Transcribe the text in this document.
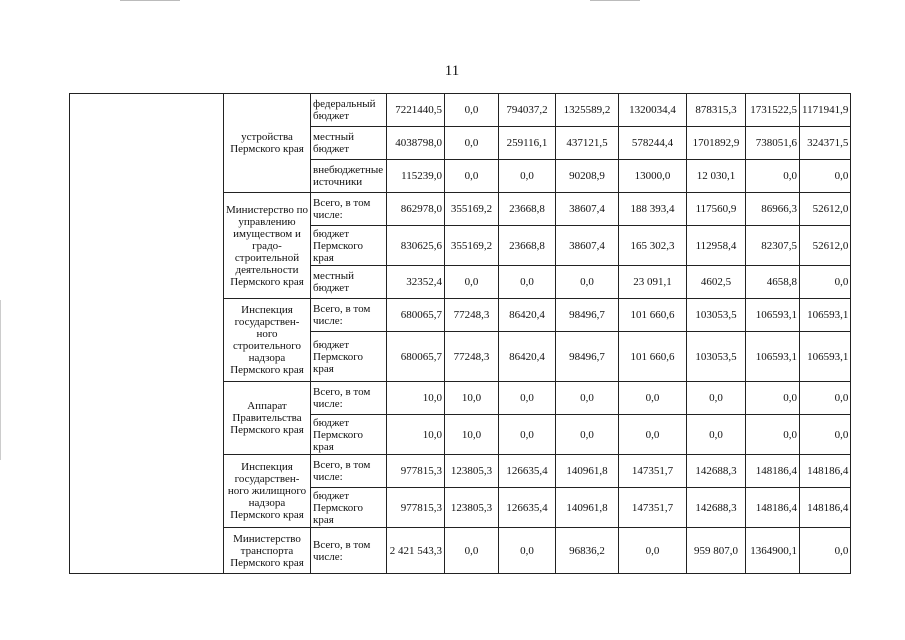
11
	устройства Пермского края	федеральный бюджет	7221440,5	0,0	794037,2	1325589,2	1320034,4	878315,3	1731522,5	1171941,9
		местный бюджет	4038798,0	0,0	259116,1	437121,5	578244,4	1701892,9	738051,6	324371,5
		внебюджетные источники	115239,0	0,0	0,0	90208,9	13000,0	12 030,1	0,0	0,0
	Министерство по управлению имуществом и градо-строительной деятельности Пермского края	Всего, в том числе:	862978,0	355169,2	23668,8	38607,4	188 393,4	117560,9	86966,3	52612,0
		бюджет Пермского края	830625,6	355169,2	23668,8	38607,4	165 302,3	112958,4	82307,5	52612,0
		местный бюджет	32352,4	0,0	0,0	0,0	23 091,1	4602,5	4658,8	0,0
	Инспекция государствен-ного строительного надзора Пермского края	Всего, в том числе:	680065,7	77248,3	86420,4	98496,7	101 660,6	103053,5	106593,1	106593,1
		бюджет Пермского края	680065,7	77248,3	86420,4	98496,7	101 660,6	103053,5	106593,1	106593,1
	Аппарат Правительства Пермского края	Всего, в том числе:	10,0	10,0	0,0	0,0	0,0	0,0	0,0	0,0
		бюджет Пермского края	10,0	10,0	0,0	0,0	0,0	0,0	0,0	0,0
	Инспекция государствен-ного жилищного надзора Пермского края	Всего, в том числе:	977815,3	123805,3	126635,4	140961,8	147351,7	142688,3	148186,4	148186,4
		бюджет Пермского края	977815,3	123805,3	126635,4	140961,8	147351,7	142688,3	148186,4	148186,4
	Министерство транспорта Пермского края	Всего, в том числе:	2 421 543,3	0,0	0,0	96836,2	0,0	959 807,0	1364900,1	0,0
